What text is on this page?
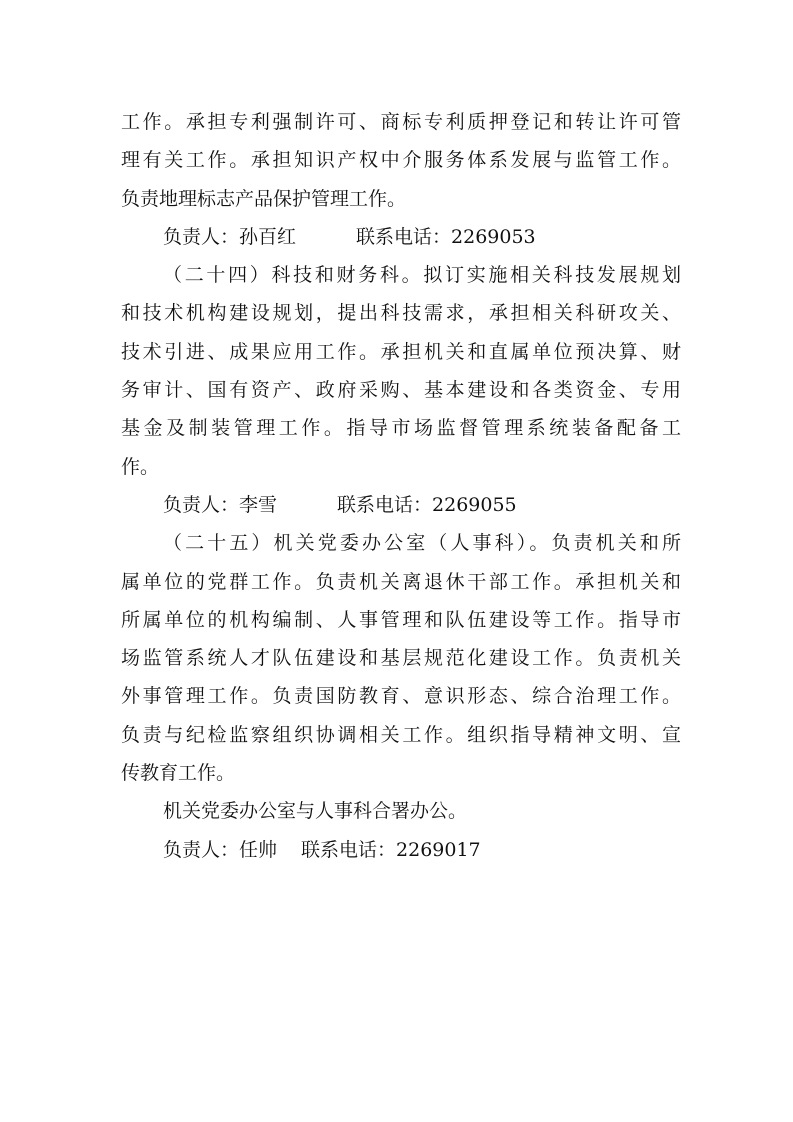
工作。承担专利强制许可、商标专利质押登记和转让许可管
理有关工作。承担知识产权中介服务体系发展与监管工作。
负责地理标志产品保护管理工作。
负责人：孙百红	联系电话：2269053
（二十四）科技和财务科。拟订实施相关科技发展规划
和技术机构建设规划，提出科技需求，承担相关科研攻关、
技术引进、成果应用工作。承担机关和直属单位预决算、财
务审计、国有资产、政府采购、基本建设和各类资金、专用
基金及制装管理工作。指导市场监督管理系统装备配备工
作。
负责人：李雪	联系电话：2269055
（二十五）机关党委办公室（人事科）。负责机关和所
属单位的党群工作。负责机关离退休干部工作。承担机关和
所属单位的机构编制、人事管理和队伍建设等工作。指导市
场监管系统人才队伍建设和基层规范化建设工作。负责机关
外事管理工作。负责国防教育、意识形态、综合治理工作。
负责与纪检监察组织协调相关工作。组织指导精神文明、宣
传教育工作。
机关党委办公室与人事科合署办公。
负责人：任帅 联系电话：2269017
